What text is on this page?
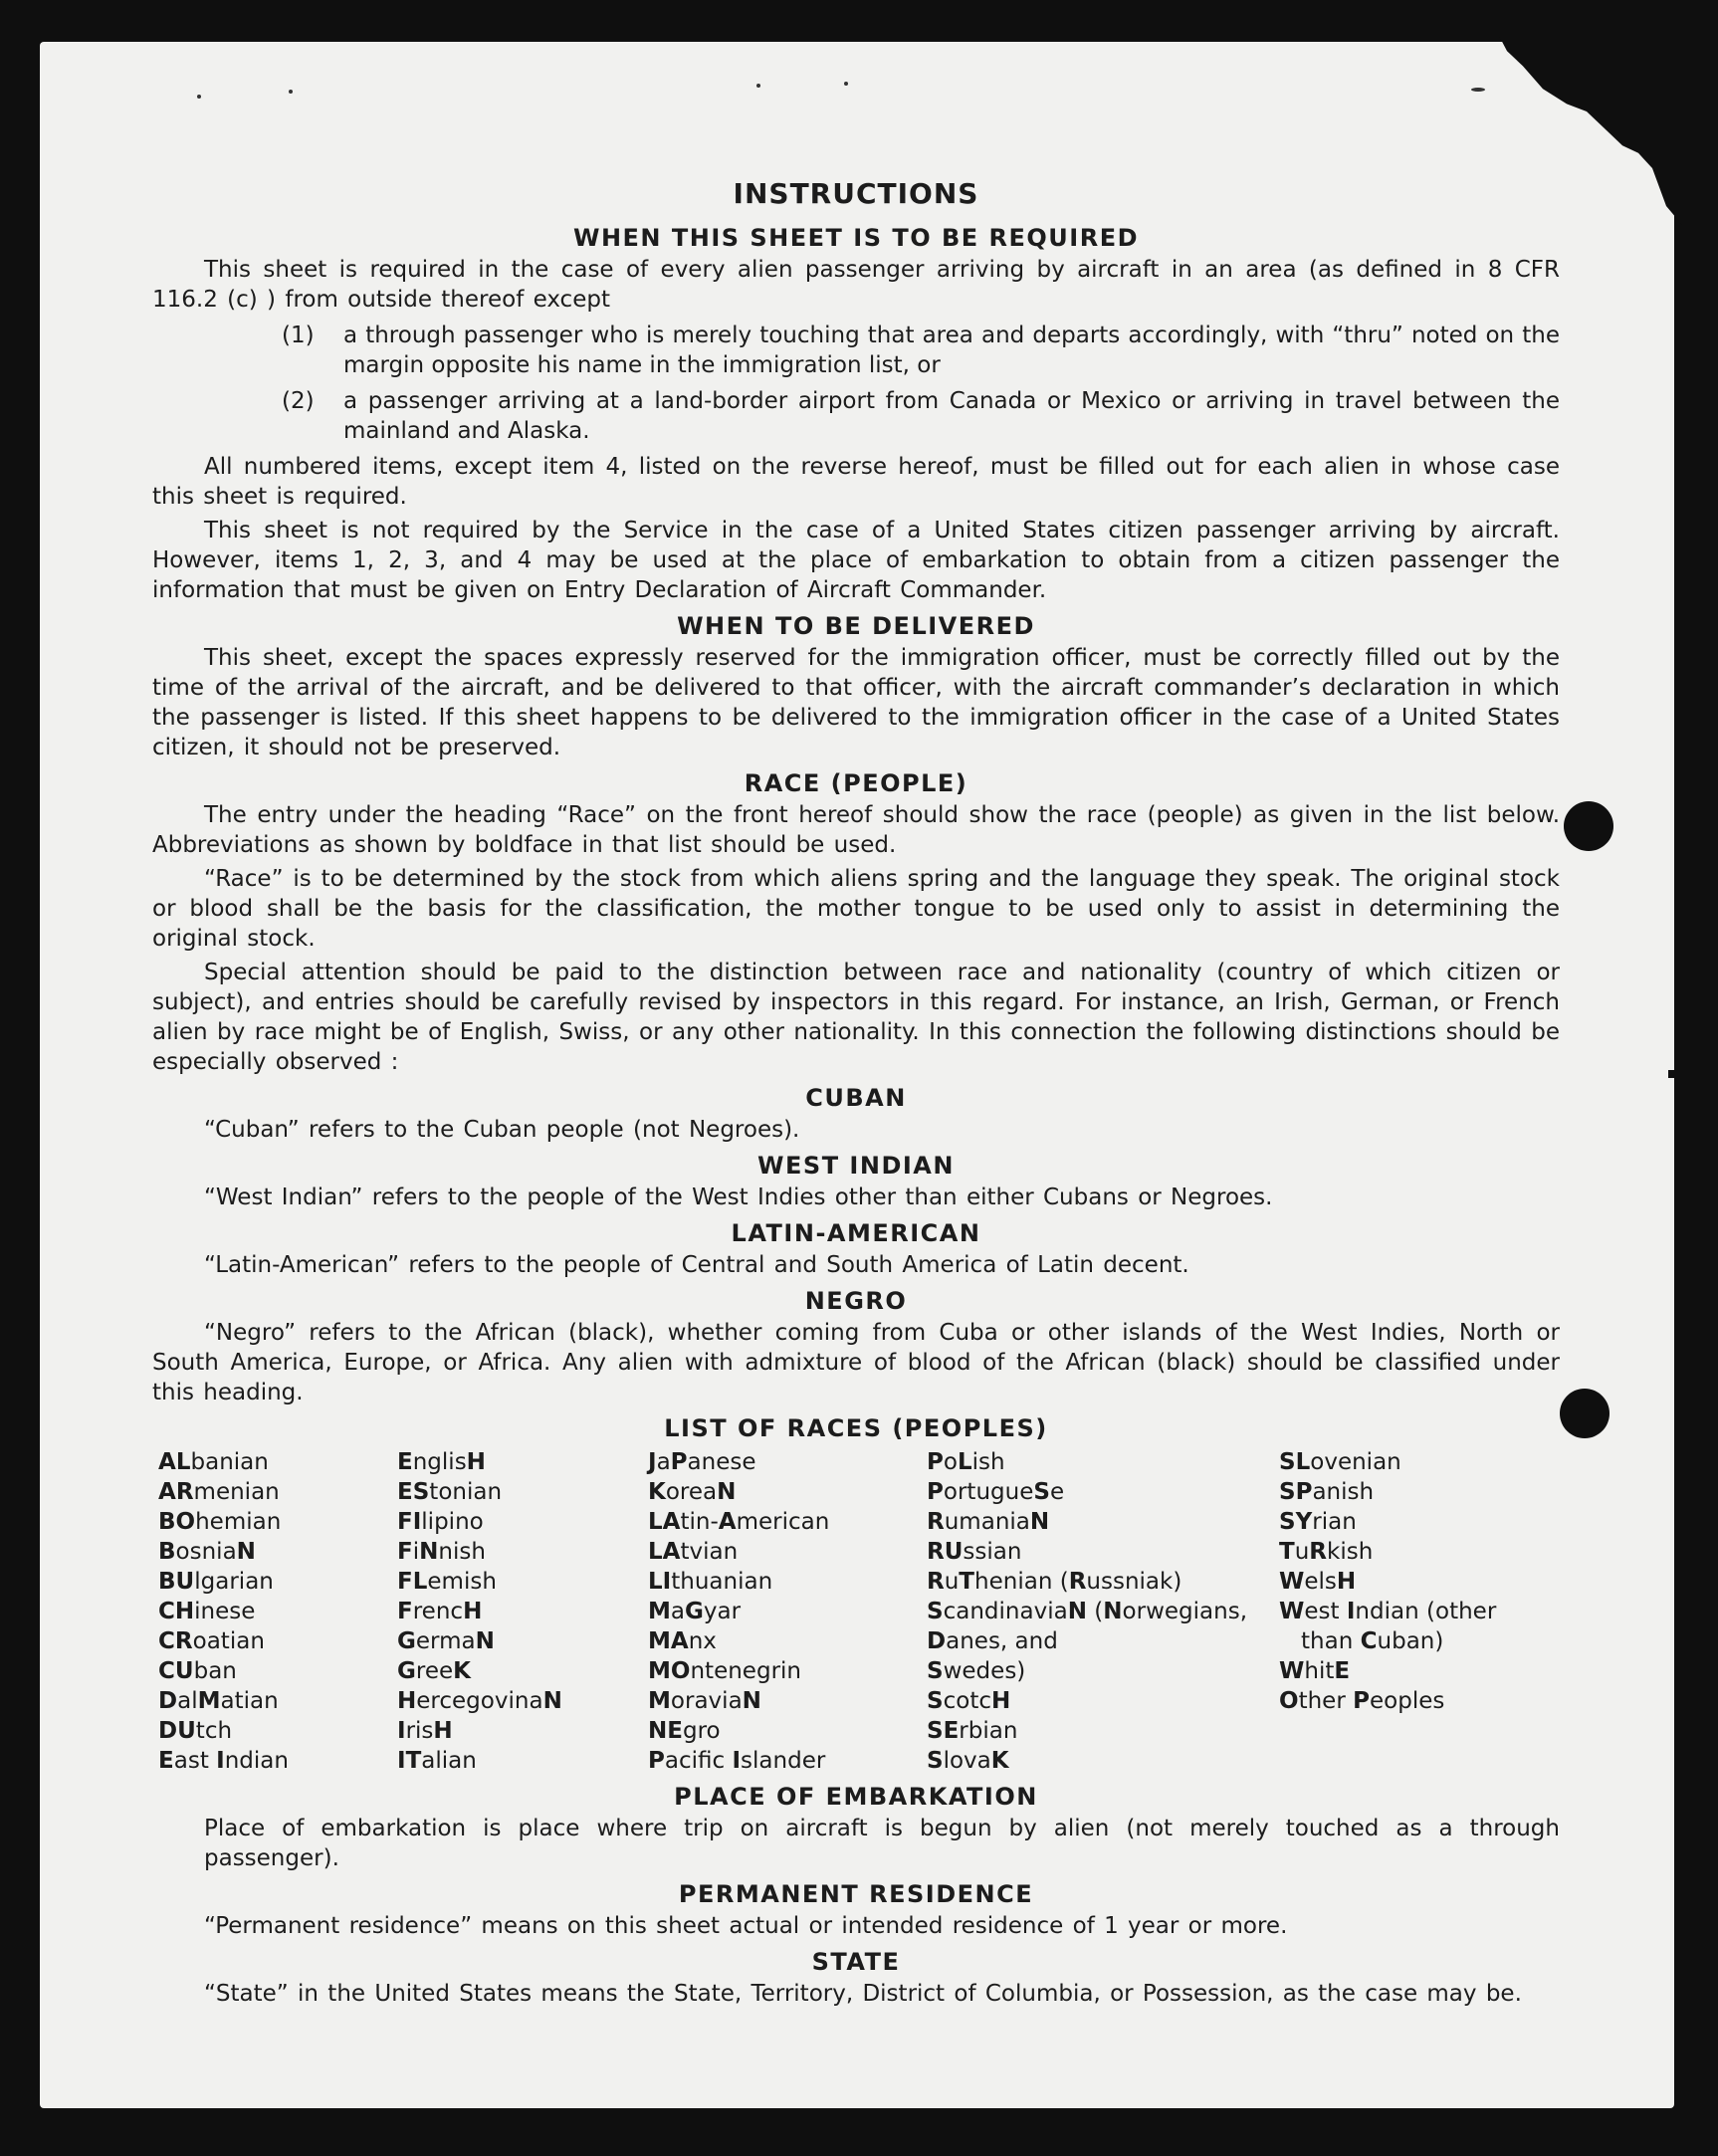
INSTRUCTIONS
WHEN THIS SHEET IS TO BE REQUIRED

This sheet is required in the case of every alien passenger arriving by aircraft in an area (as defined in 8 CFR 116.2 (c) ) from outside thereof except

(1)	a through passenger who is merely touching that area and departs accordingly, with “thru” noted on the margin opposite his name in the immigration list, or
(2)	a passenger arriving at a land-border airport from Canada or Mexico or arriving in travel between the mainland and Alaska.

All numbered items, except item 4, listed on the reverse hereof, must be filled out for each alien in whose case this sheet is required.

This sheet is not required by the Service in the case of a United States citizen passenger arriving by aircraft. However, items 1, 2, 3, and 4 may be used at the place of embarkation to obtain from a citizen passenger the information that must be given on Entry Declaration of Aircraft Commander.

WHEN TO BE DELIVERED

This sheet, except the spaces expressly reserved for the immigration officer, must be correctly filled out by the time of the arrival of the aircraft, and be delivered to that officer, with the aircraft commander’s declaration in which the passenger is listed. If this sheet happens to be delivered to the immigration officer in the case of a United States citizen, it should not be preserved.

RACE (PEOPLE)

The entry under the heading “Race” on the front hereof should show the race (people) as given in the list below. Abbreviations as shown by boldface in that list should be used.

“Race” is to be determined by the stock from which aliens spring and the language they speak. The original stock or blood shall be the basis for the classification, the mother tongue to be used only to assist in determining the original stock.

Special attention should be paid to the distinction between race and nationality (country of which citizen or subject), and entries should be carefully revised by inspectors in this regard. For instance, an Irish, German, or French alien by race might be of English, Swiss, or any other nationality. In this connection the following distinctions should be especially observed :

CUBAN

“Cuban” refers to the Cuban people (not Negroes).

WEST INDIAN

“West Indian” refers to the people of the West Indies other than either Cubans or Negroes.

LATIN-AMERICAN

“Latin-American” refers to the people of Central and South America of Latin decent.

NEGRO

“Negro” refers to the African (black), whether coming from Cuba or other islands of the West Indies, North or South America, Europe, or Africa. Any alien with admixture of blood of the African (black) should be classified under this heading.

LIST OF RACES (PEOPLES)
ALbanian
ARmenian
BOhemian
BosniaN
BUlgarian
CHinese
CRoatian
CUban
DalMatian
DUtch
East Indian
EnglisH
EStonian
FIlipino
FiNnish
FLemish
FrencH
GermaN
GreeK
HercegovinaN
IrisH
ITalian
JaPanese
KoreaN
LAtin-American
LAtvian
LIthuanian
MaGyar
MAnx
MOntenegrin
MoraviaN
NEgro
Pacifc Islander
PoLish
PortugueSe
RumaniaN
RUssian
RuThenian (Russniak)
ScandinaviaN (Norwegians,
Danes, and
Swedes)
ScotcH
SErbian
SlovaK
SLovenian
SPanish
SYrian
TuRkish
WelsH
West Indian (other
than Cuban)
WhitE
Other Peoples
PLACE OF EMBARKATION

Place of embarkation is place where trip on aircraft is begun by alien (not merely touched as a through passenger).

PERMANENT RESIDENCE

“Permanent residence” means on this sheet actual or intended residence of 1 year or more.

STATE

“State” in the United States means the State, Territory, District of Columbia, or Possession, as the case may be.
